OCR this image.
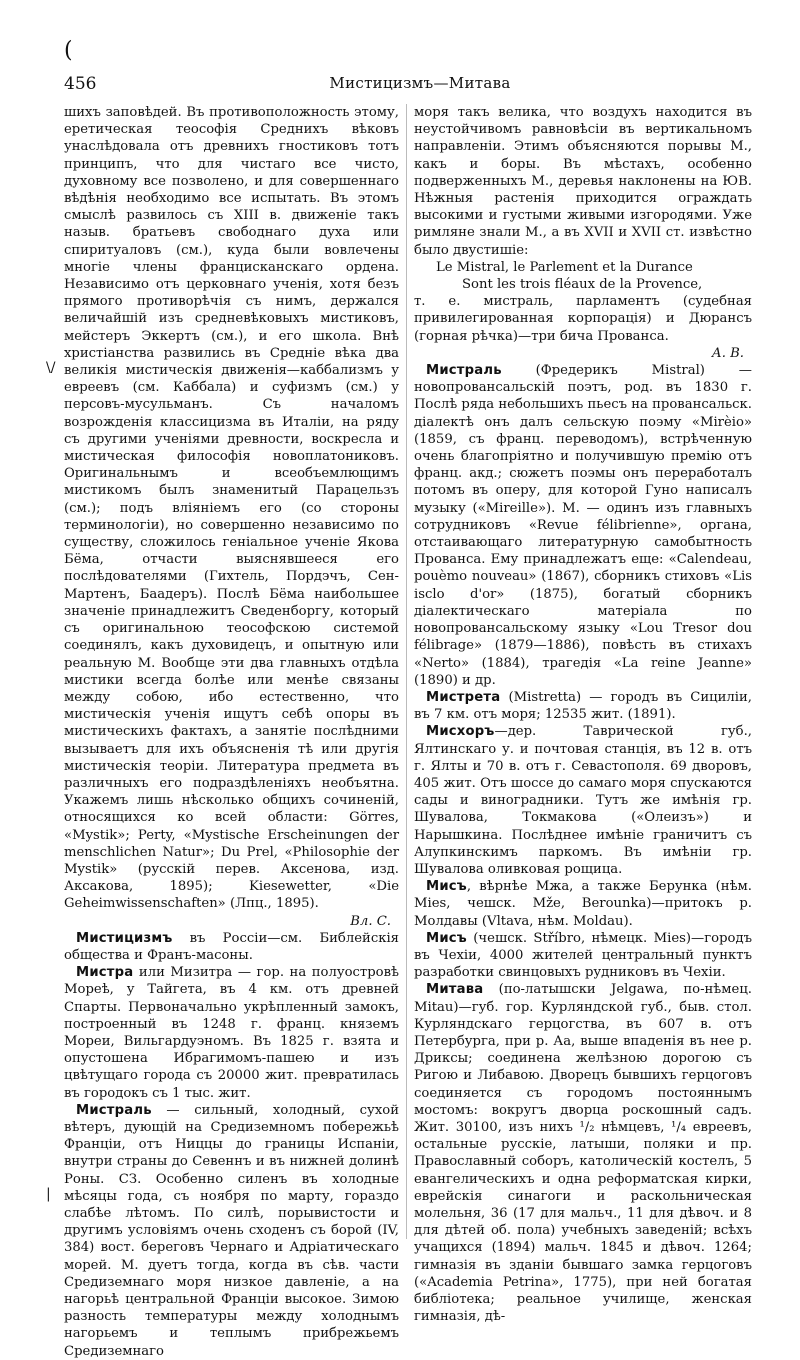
(
456	Мистицизмъ—Митава
\/
|

шихъ заповѣдей. Въ противоположность этому, еретическая теософія Среднихъ вѣковъ унаслѣдовала отъ древнихъ гностиковъ тотъ принципъ, что для чистаго все чисто, духовному все позволено, и для совершеннаго вѣдѣнія необходимо все испытать. Въ этомъ смыслѣ развилось съ XIII в. движеніе такъ назыв. братьевъ свободнаго духа или спиритуаловъ (см.), куда были вовлечены многіе члены францисканскаго ордена. Независимо отъ церковнаго ученія, хотя безъ прямого противорѣчія съ нимъ, держался величайшій изъ средневѣковыхъ мистиковъ, мейстеръ Эккертъ (см.), и его школа. Внѣ христіанства развились въ Средніе вѣка два великія мистическія движенія—каббализмъ у евреевъ (см. Каббала) и суфизмъ (см.) у персовъ-мусульманъ. Съ началомъ возрожденія классицизма въ Италіи, на ряду съ другими ученіями древности, воскресла и мистическая философія новоплатониковъ. Оригинальнымъ и всеобъемлющимъ мистикомъ былъ знаменитый Парацельзъ (см.); подъ вліяніемъ его (со стороны терминологіи), но совершенно независимо по существу, сложилось геніальное ученіе Якова Бёма, отчасти выяснявшееся его послѣдователями (Гихтель, Пордэчъ, Сен-Мартенъ, Баадеръ). Послѣ Бёма наибольшее значеніе принадлежитъ Сведенборгу, который съ оригинальною теософскою системой соединялъ, какъ духовидецъ, и опытную или реальную М. Вообще эти два главныхъ отдѣла мистики всегда болѣе или менѣе связаны между собою, ибо естественно, что мистическія ученія ищутъ себѣ опоры въ мистическихъ фактахъ, а занятіе послѣдними вызываетъ для ихъ объясненія тѣ или другія мистическія теоріи. Литература предмета въ различныхъ его подраздѣленіяхъ необъятна. Укажемъ лишь нѣсколько общихъ сочиненій, относящихся ко всей области: Görres, «Mystik»; Perty, «Mystische Erscheinungen der menschlichen Natur»; Du Prel, «Philosophie der Mystik» (русскій перев. Аксенова, изд. Аксакова, 1895); Kiesewetter, «Die Geheimwissenschaften» (Лпц., 1895).
Вл. С.

Мистицизмъ въ Россіи—см. Библейскія общества и Франъ-масоны.

Мистра или Мизитра — гор. на полуостровѣ Мореѣ, у Тайгета, въ 4 км. отъ древней Спарты. Первоначально укрѣпленный замокъ, построенный въ 1248 г. франц. княземъ Мореи, Вильгардуэномъ. Въ 1825 г. взята и опустошена Ибрагимомъ-пашею и изъ цвѣтущаго города съ 20000 жит. превратилась въ городокъ съ 1 тыс. жит.

Мистраль — сильный, холодный, сухой вѣтеръ, дующій на Средиземномъ побережьѣ Франціи, отъ Ниццы до границы Испаніи, внутри страны до Севеннъ и въ нижней долинѣ Роны. СЗ. Особенно силенъ въ холодные мѣсяцы года, съ ноября по марту, гораздо слабѣе лѣтомъ. По силѣ, порывистости и другимъ условіямъ очень сходенъ съ борой (IV, 384) вост. береговъ Чернаго и Адріатическаго морей. М. дуетъ тогда, когда въ сѣв. части Средиземнаго моря низкое давленіе, а на нагорьѣ центральной Франціи высокое. Зимою разность температуры между холоднымъ нагорьемъ и теплымъ прибрежьемъ Средиземнаго

моря такъ велика, что воздухъ находится въ неустойчивомъ равновѣсіи въ вертикальномъ направленіи. Этимъ объясняются порывы М., какъ и боры. Въ мѣстахъ, особенно подверженныхъ М., деревья наклонены на ЮВ. Нѣжныя растенія приходится ограждать высокими и густыми живыми изгородями. Уже римляне знали М., а въ XVII и XVII ст. извѣстно было двустишіе:
Le Mistral, le Parlement et la Durance
Sont les trois fléaux de la Provence,
т. е. мистраль, парламентъ (судебная привилегированная корпорація) и Дюрансъ (горная рѣчка)—три бича Прованса.
А. В.

Мистраль (Фредерикъ Mistral) — новопровансальскій поэтъ, род. въ 1830 г. Послѣ ряда небольшихъ пьесъ на провансальск. діалектѣ онъ далъ сельскую поэму «Mirèio» (1859, съ франц. переводомъ), встрѣченную очень благопріятно и получившую премію отъ франц. акд.; сюжетъ поэмы онъ переработалъ потомъ въ оперу, для которой Гуно написалъ музыку («Mireille»). М. — одинъ изъ главныхъ сотрудниковъ «Revue félibrienne», органа, отстаивающаго литературную самобытность Прованса. Ему принадлежатъ еще: «Calendeau, pouèmo nouveau» (1867), сборникъ стиховъ «Lis isclo d'or» (1875), богатый сборникъ діалектическаго матеріала по новопровансальскому языку «Lou Tresor dou félibrage» (1879—1886), повѣсть въ стихахъ «Nerto» (1884), трагедія «La reine Jeanne» (1890) и др.

Мистрета (Mistretta) — городъ въ Сициліи, въ 7 км. отъ моря; 12535 жит. (1891).

Мисхоръ—дер. Таврической губ., Ялтинскаго у. и почтовая станція, въ 12 в. отъ г. Ялты и 70 в. отъ г. Севастополя. 69 дворовъ, 405 жит. Отъ шоссе до самаго моря спускаются сады и виноградники. Тутъ же имѣнія гр. Шувалова, Токмакова («Олеизъ») и Нарышкина. Послѣднее имѣніе граничитъ съ Алупкинскимъ паркомъ. Въ имѣніи гр. Шувалова оливковая рощица.

Мисъ, вѣрнѣе Мжа, а также Берунка (нѣм. Mies, чешск. Mže, Berounka)—притокъ р. Молдавы (Vltava, нѣм. Moldau).

Мисъ (чешск. Stříbro, нѣмецк. Mies)—городъ въ Чехіи, 4000 жителей центральный пунктъ разработки свинцовыхъ рудниковъ въ Чехіи.

Митава (по-латышски Jelgawa, по-нѣмец. Mitau)—губ. гор. Курляндской губ., быв. стол. Курляндскаго герцогства, въ 607 в. отъ Петербурга, при р. Аа, выше впаденія въ нее р. Дриксы; соединена желѣзною дорогою съ Ригою и Либавою. Дворецъ бывшихъ герцоговъ соединяется съ городомъ постояннымъ мостомъ: вокругъ дворца роскошный садъ. Жит. 30100, изъ нихъ ¹/₂ нѣмцевъ, ¹/₄ евреевъ, остальные русскіе, латыши, поляки и пр. Православный соборъ, католическій костелъ, 5 евангелическихъ и одна реформатская кирки, еврейскія синагоги и раскольническая молельня, 36 (17 для мальч., 11 для дѣвоч. и 8 для дѣтей об. пола) учебныхъ заведеній; всѣхъ учащихся (1894) мальч. 1845 и дѣвоч. 1264; гимназія въ зданіи бывшаго замка герцоговъ («Academia Petrina», 1775), при ней богатая библіотека; реальное училище, женская гимназія, дѣ-
